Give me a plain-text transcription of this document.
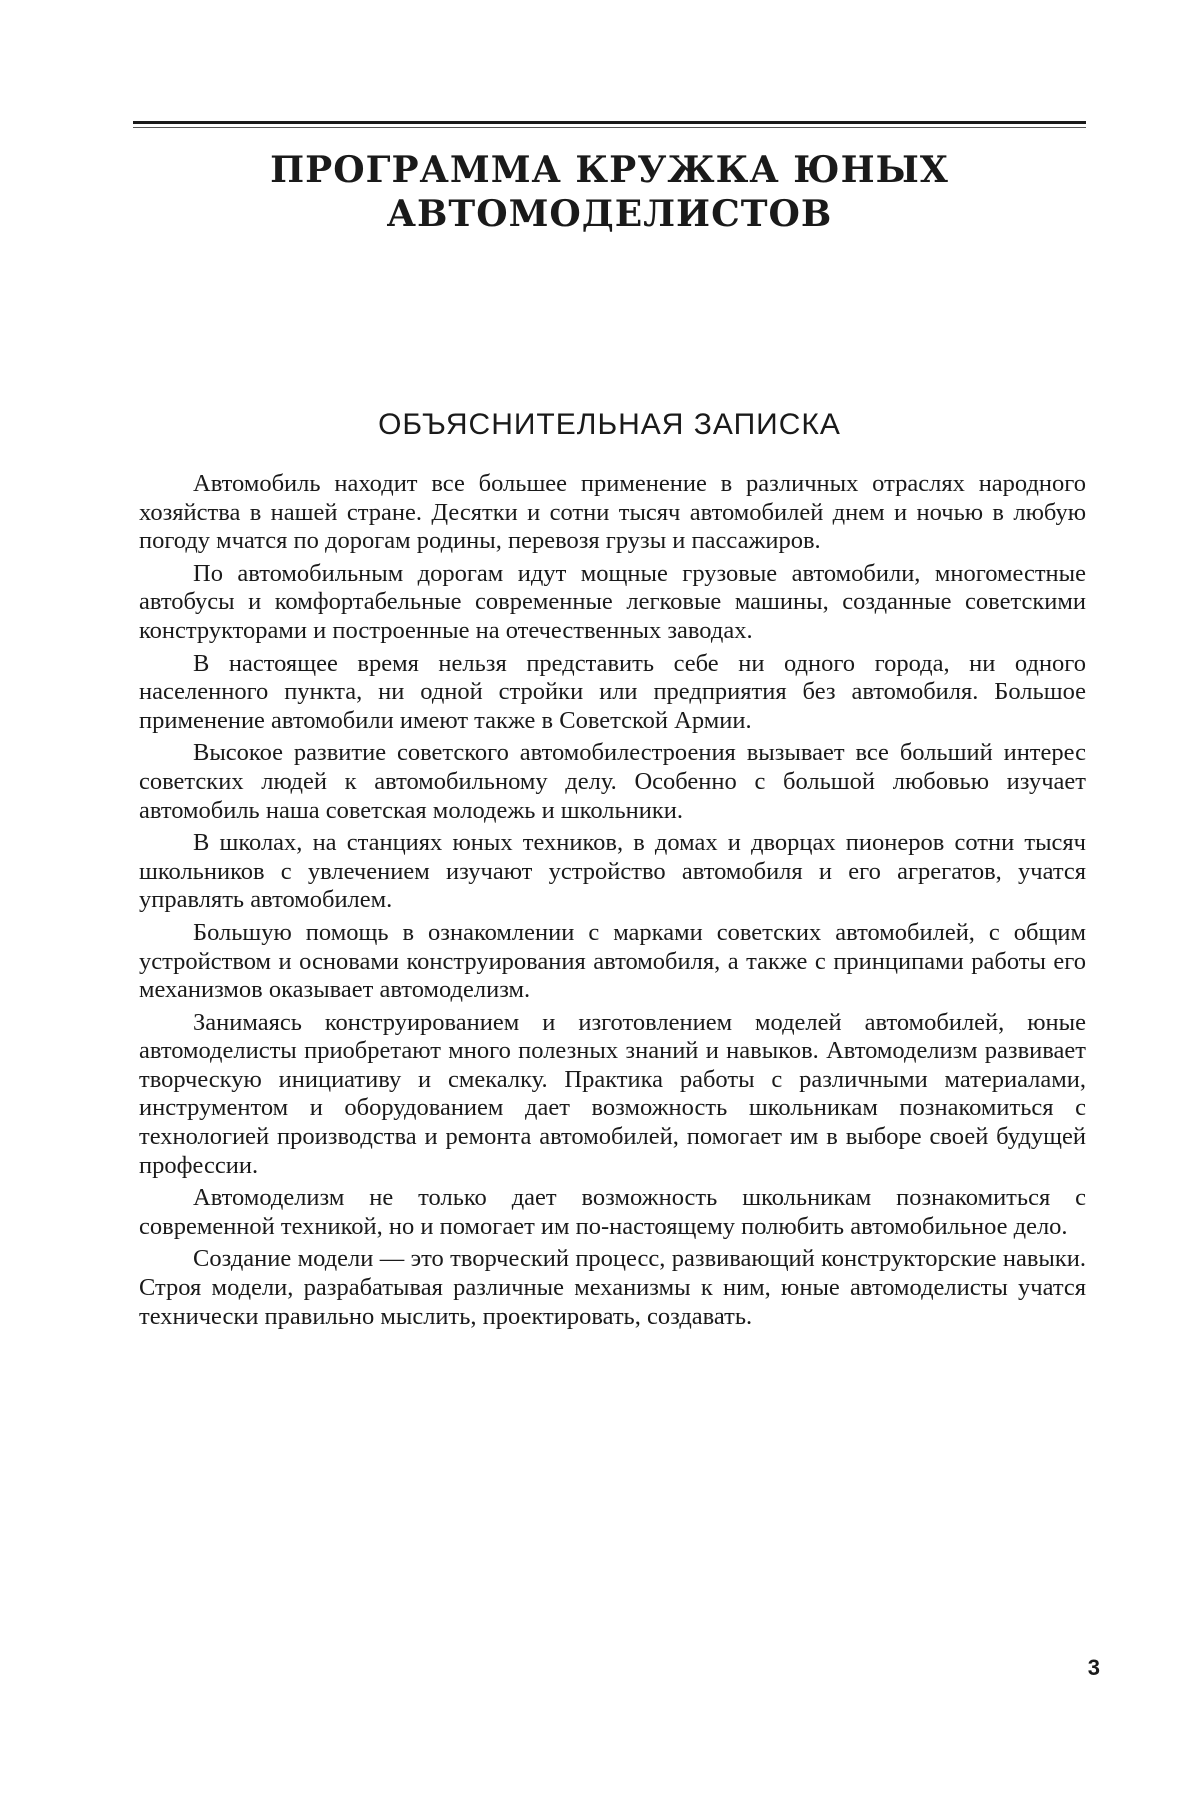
ПРОГРАММА КРУЖКА ЮНЫХ
АВТОМОДЕЛИСТОВ
ОБЪЯСНИТЕЛЬНАЯ ЗАПИСКА

Автомобиль находит все большее применение в различных отраслях народного хозяйства в нашей стране. Десятки и сотни тысяч автомобилей днем и ночью в любую погоду мчатся по дорогам родины, перевозя грузы и пассажиров.

По автомобильным дорогам идут мощные грузовые автомобили, многоместные автобусы и комфортабельные современные легковые машины, созданные советскими конструкторами и построенные на отечественных заводах.

В настоящее время нельзя представить себе ни одного города, ни одного населенного пункта, ни одной стройки или предприятия без автомобиля. Большое применение автомобили имеют также в Советской Армии.

Высокое развитие советского автомобилестроения вызывает все больший интерес советских людей к автомобильному делу. Особенно с большой любовью изучает автомобиль наша советская молодежь и школьники.

В школах, на станциях юных техников, в домах и дворцах пионеров сотни тысяч школьников с увлечением изучают устройство автомобиля и его агрегатов, учатся управлять автомобилем.

Большую помощь в ознакомлении с марками советских автомобилей, с общим устройством и основами конструирования автомобиля, а также с принципами работы его механизмов оказывает автомоделизм.

Занимаясь конструированием и изготовлением моделей автомобилей, юные автомоделисты приобретают много полезных знаний и навыков. Автомоделизм развивает творческую инициативу и смекалку. Практика работы с различными материалами, инструментом и оборудованием дает возможность школьникам познакомиться с технологией производства и ремонта автомобилей, помогает им в выборе своей будущей профессии.

Автомоделизм не только дает возможность школьникам познакомиться с современной техникой, но и помогает им по-настоящему полюбить автомобильное дело.

Создание модели — это творческий процесс, развивающий конструкторские навыки. Строя модели, разрабатывая различные механизмы к ним, юные автомоделисты учатся технически правильно мыслить, проектировать, создавать.

3
